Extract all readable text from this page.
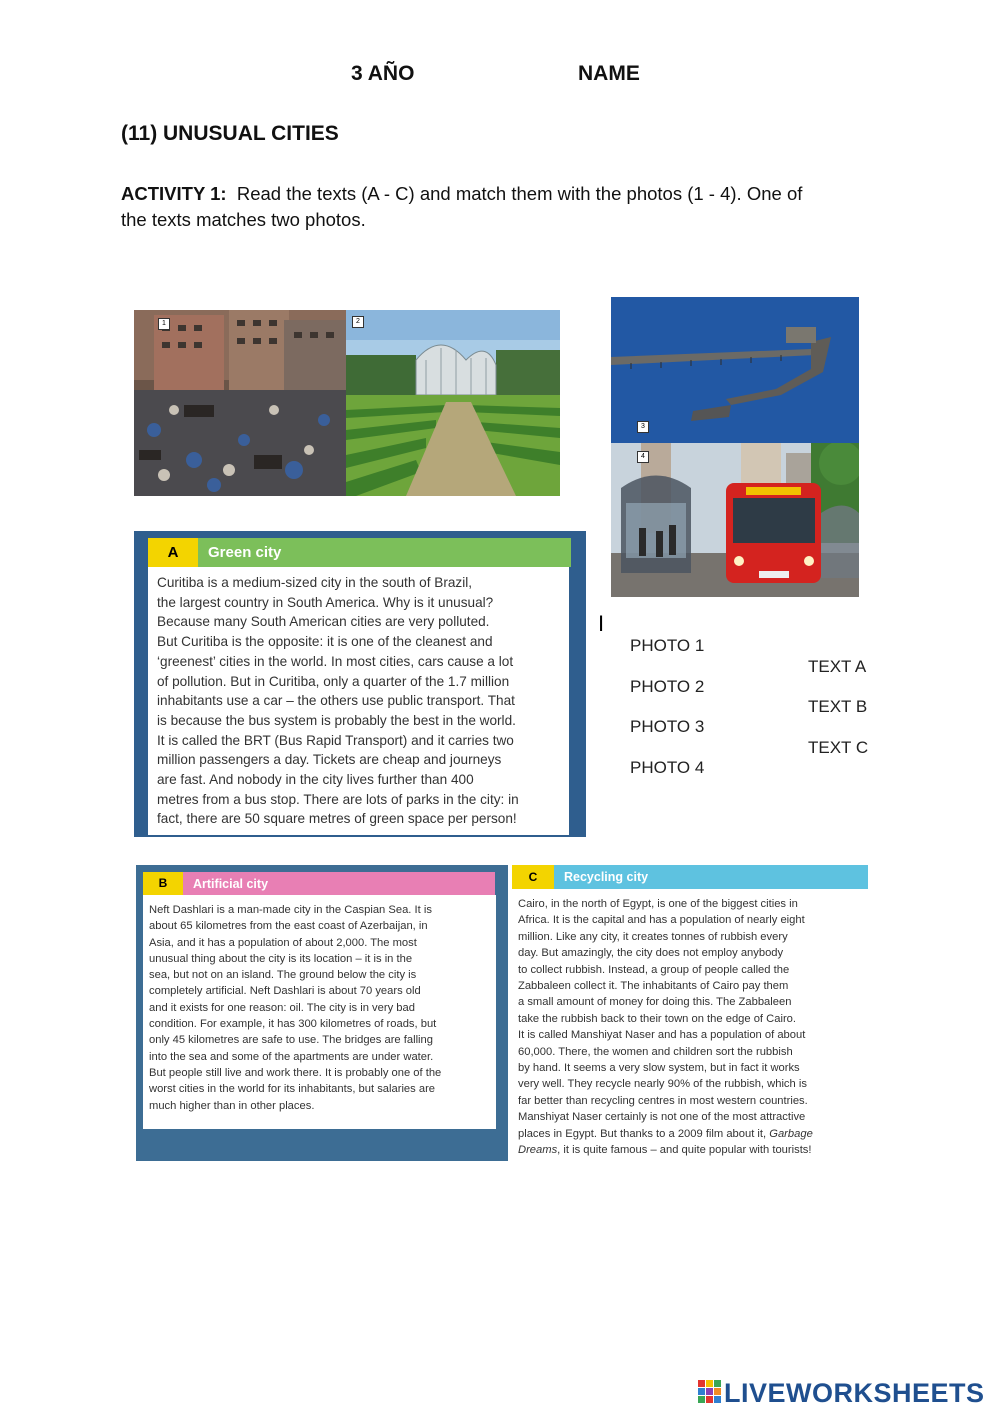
3 AÑO	NAME
(11) UNUSUAL CITIES
ACTIVITY 1: Read the texts (A - C) and match them with the photos (1 - 4). One of
the texts matches two photos.
1	2
3
4
A	Green city
Curitiba is a medium-sized city in the south of Brazil,
the largest country in South America. Why is it unusual?
Because many South American cities are very polluted.
But Curitiba is the opposite: it is one of the cleanest and
‘greenest’ cities in the world. In most cities, cars cause a lot
of pollution. But in Curitiba, only a quarter of the 1.7 million
inhabitants use a car – the others use public transport. That
is because the bus system is probably the best in the world.
It is called the BRT (Bus Rapid Transport) and it carries two
million passengers a day. Tickets are cheap and journeys
are fast. And nobody in the city lives further than 400
metres from a bus stop. There are lots of parks in the city: in
fact, there are 50 square metres of green space per person!
B	Artificial city
Neft Dashlari is a man-made city in the Caspian Sea. It is
about 65 kilometres from the east coast of Azerbaijan, in
Asia, and it has a population of about 2,000. The most
unusual thing about the city is its location – it is in the
sea, but not on an island. The ground below the city is
completely artificial. Neft Dashlari is about 70 years old
and it exists for one reason: oil. The city is in very bad
condition. For example, it has 300 kilometres of roads, but
only 45 kilometres are safe to use. The bridges are falling
into the sea and some of the apartments are under water.
But people still live and work there. It is probably one of the
worst cities in the world for its inhabitants, but salaries are
much higher than in other places.
C	Recycling city
Cairo, in the north of Egypt, is one of the biggest cities in
Africa. It is the capital and has a population of nearly eight
million. Like any city, it creates tonnes of rubbish every
day. But amazingly, the city does not employ anybody
to collect rubbish. Instead, a group of people called the
Zabbaleen collect it. The inhabitants of Cairo pay them
a small amount of money for doing this. The Zabbaleen
take the rubbish back to their town on the edge of Cairo.
It is called Manshiyat Naser and has a population of about
60,000. There, the women and children sort the rubbish
by hand. It seems a very slow system, but in fact it works
very well. They recycle nearly 90% of the rubbish, which is
far better than recycling centres in most western countries.
Manshiyat Naser certainly is not one of the most attractive
places in Egypt. But thanks to a 2009 film about it, Garbage
Dreams, it is quite famous – and quite popular with tourists!
I
PHOTO 1
PHOTO 2
PHOTO 3
PHOTO 4
TEXT A
TEXT B
TEXT C
LIVEWORKSHEETS
